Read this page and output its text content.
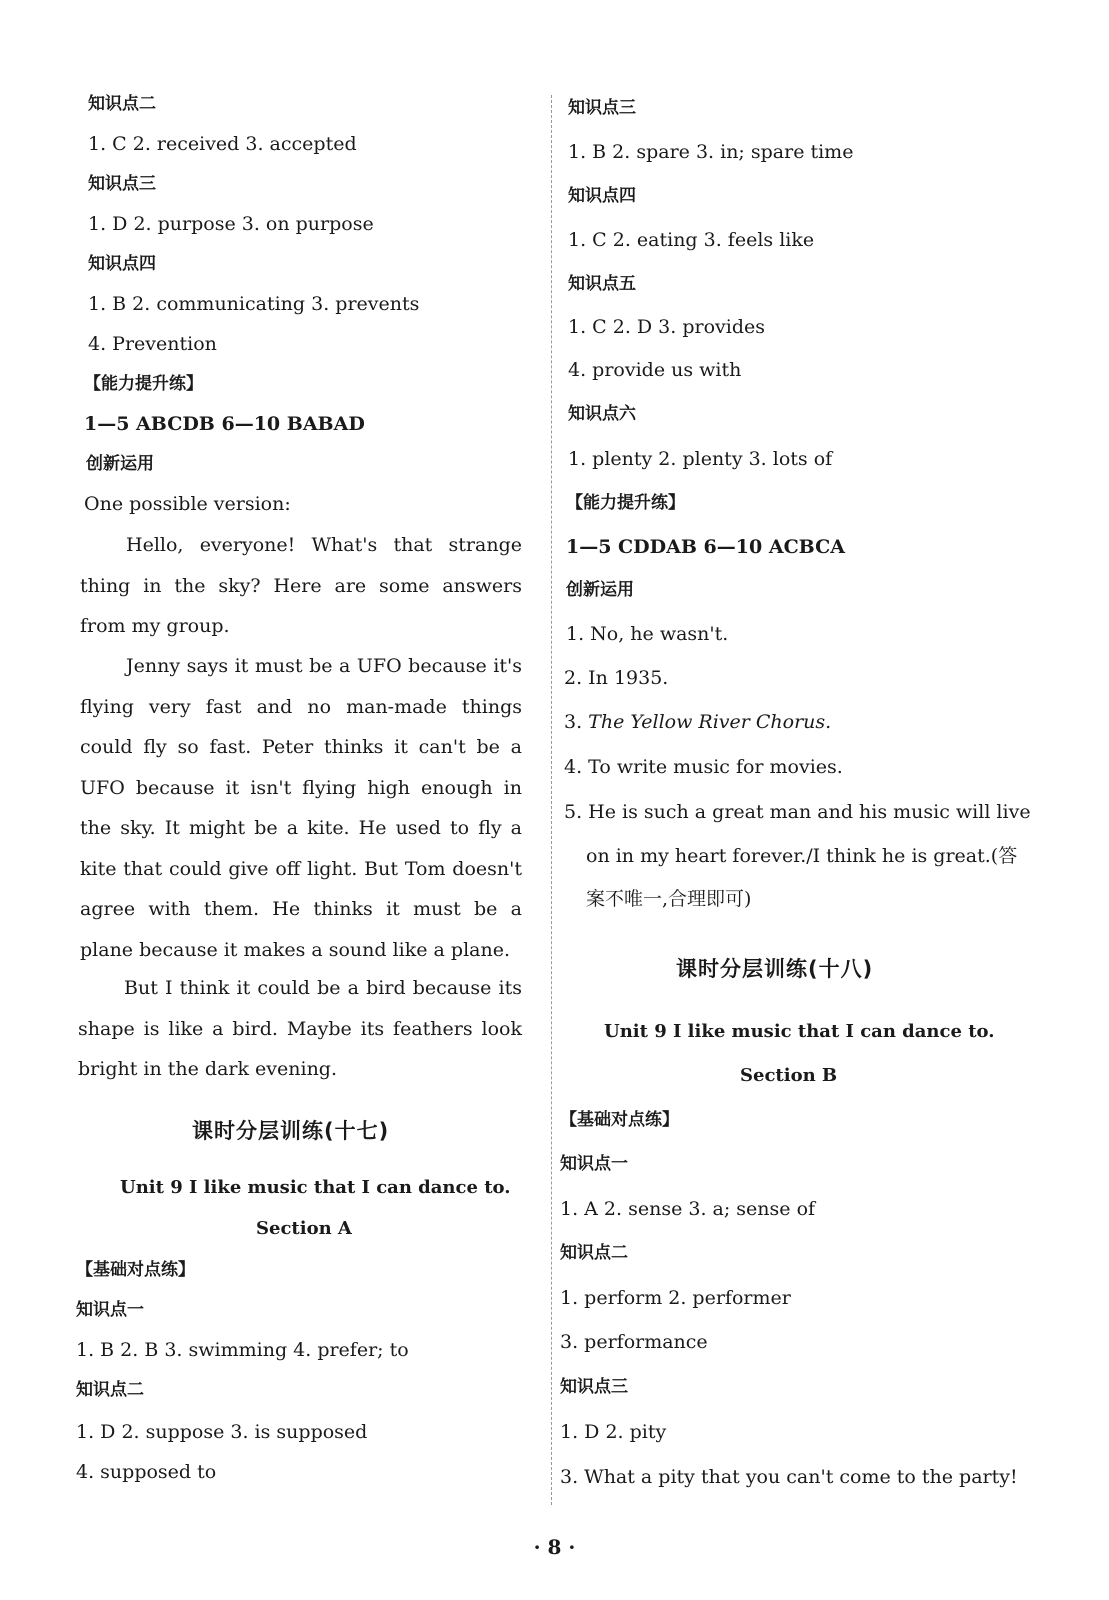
知识点二
1. C 2. received 3. accepted
知识点三
1. D 2. purpose 3. on purpose
知识点四
1. B 2. communicating 3. prevents
4. Prevention
【能力提升练】
1—5 ABCDB 6—10 BABAD
创新运用
One possible version:

Hello, everyone! What's that strange thing in the sky? Here are some answers from my group.

Jenny says it must be a UFO because it's flying very fast and no man-made things could fly so fast. Peter thinks it can't be a UFO because it isn't flying high enough in the sky. It might be a kite. He used to fly a kite that could give off light. But Tom doesn't agree with them. He thinks it must be a plane because it makes a sound like a plane.

But I think it could be a bird because its shape is like a bird. Maybe its feathers look bright in the dark evening.

课时分层训练(十七)
Unit 9 I like music that I can dance to.
Section A
【基础对点练】
知识点一
1. B 2. B 3. swimming 4. prefer; to
知识点二
1. D 2. suppose 3. is supposed
4. supposed to
知识点三
1. B 2. spare 3. in; spare time
知识点四
1. C 2. eating 3. feels like
知识点五
1. C 2. D 3. provides
4. provide us with
知识点六
1. plenty 2. plenty 3. lots of
【能力提升练】
1—5 CDDAB 6—10 ACBCA
创新运用
1. No, he wasn't.
2. In 1935.
3. The Yellow River Chorus.
4. To write music for movies.
5. He is such a great man and his music will live
on in my heart forever./I think he is great.(答
案不唯一,合理即可)
课时分层训练(十八)
Unit 9 I like music that I can dance to.
Section B
【基础对点练】
知识点一
1. A 2. sense 3. a; sense of
知识点二
1. perform 2. performer
3. performance
知识点三
1. D 2. pity
3. What a pity that you can't come to the party!
· 8 ·
